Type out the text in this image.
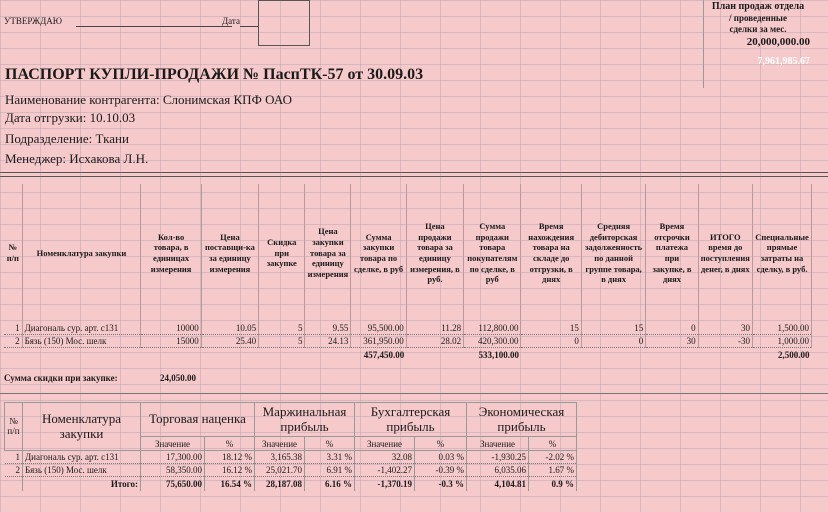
УТВЕРЖДАЮ	Дата
План продаж отдела
/ проведенные
сделки за мес.
20,000,000.00
7,961,985.67
ПАСПОРТ КУПЛИ-ПРОДАЖИ № ПаспТК-57 от 30.09.03
Наименование контрагента: Слонимская КПФ ОАО
Дата отгрузки: 10.10.03
Подразделение: Ткани
Менеджер: Исхакова Л.Н.
№ п/п	Номенклатура закупки	Кол-во товара, в единицах измерения	Цена поставщи-ка за единицу измерения	Скидка при закупке	Цена закупки товара за единицу измерения	Сумма закупки товара по сделке, в руб	Цена продажи товара за единицу измерения, в руб.	Сумма продажи товара покупателям по сделке, в руб	Время нахождения товара на складе до отгрузки, в днях	Средняя дебиторская задолженность по данной группе товара, в днях	Время отсрочки платежа при закупке, в днях	ИТОГО время до поступления денег, в днях	Специальные прямые затраты на сделку, в руб.
1	Диагональ сур. арт. с131	10000	10.05	5	9.55	95,500.00	11.28	112,800.00	15	15	0	30	1,500.00
2	Бязь (150) Мос. шелк	15000	25.40	5	24.13	361,950.00	28.02	420,300.00	0	0	30	-30	1,000.00
						457,450.00		533,100.00					2,500.00
Сумма скидки при закупке:	24,050.00
№ п/п	Номенклатура закупки	Торговая наценка		Маржинальная прибыль		Бухгалтерская прибыль		Экономическая прибыль	
		Значение	%	Значение	%	Значение	%	Значение	%
1	Диагональ сур. арт. с131	17,300.00	18.12 %	3,165.38	3.31 %	32.08	0.03 %	-1,930.25	-2.02 %
2	Бязь (150) Мос. шелк	58,350.00	16.12 %	25,021.70	6.91 %	-1,402.27	-0.39 %	6,035.06	1.67 %
	Итого:	75,650.00	16.54 %	28,187.08	6.16 %	-1,370.19	-0.3 %	4,104.81	0.9 %
